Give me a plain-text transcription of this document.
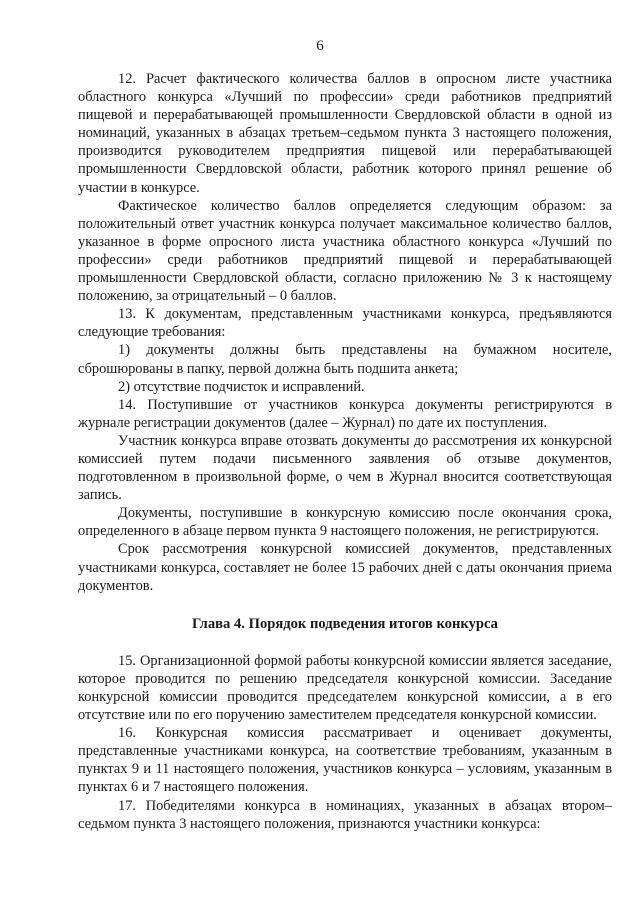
6

12. Расчет фактического количества баллов в опросном листе участника областного конкурса «Лучший по профессии» среди работников предприятий пищевой и перерабатывающей промышленности Свердловской области в одной из номинаций, указанных в абзацах третьем–седьмом пункта 3 настоящего положения, производится руководителем предприятия пищевой или перерабатывающей промышленности Свердловской области, работник которого принял решение об участии в конкурсе.

Фактическое количество баллов определяется следующим образом: за положительный ответ участник конкурса получает максимальное количество баллов, указанное в форме опросного листа участника областного конкурса «Лучший по профессии» среди работников предприятий пищевой и перерабатывающей промышленности Свердловской области, согласно приложению № 3 к настоящему положению, за отрицательный – 0 баллов.

13. К документам, представленным участниками конкурса, предъявляются следующие требования:

1) документы должны быть представлены на бумажном носителе, сброшюрованы в папку, первой должна быть подшита анкета;

2) отсутствие подчисток и исправлений.

14. Поступившие от участников конкурса документы регистрируются в журнале регистрации документов (далее – Журнал) по дате их поступления.

Участник конкурса вправе отозвать документы до рассмотрения их конкурсной комиссией путем подачи письменного заявления об отзыве документов, подготовленном в произвольной форме, о чем в Журнал вносится соответствующая запись.

Документы, поступившие в конкурсную комиссию после окончания срока, определенного в абзаце первом пункта 9 настоящего положения, не регистрируются.

Срок рассмотрения конкурсной комиссией документов, представленных участниками конкурса, составляет не более 15 рабочих дней с даты окончания приема документов.

Глава 4. Порядок подведения итогов конкурса

15. Организационной формой работы конкурсной комиссии является заседание, которое проводится по решению председателя конкурсной комиссии. Заседание конкурсной комиссии проводится председателем конкурсной комиссии, а в его отсутствие или по его поручению заместителем председателя конкурсной комиссии.

16. Конкурсная комиссия рассматривает и оценивает документы, представленные участниками конкурса, на соответствие требованиям, указанным в пунктах 9 и 11 настоящего положения, участников конкурса – условиям, указанным в пунктах 6 и 7 настоящего положения.

17. Победителями конкурса в номинациях, указанных в абзацах втором–седьмом пункта 3 настоящего положения, признаются участники конкурса:
